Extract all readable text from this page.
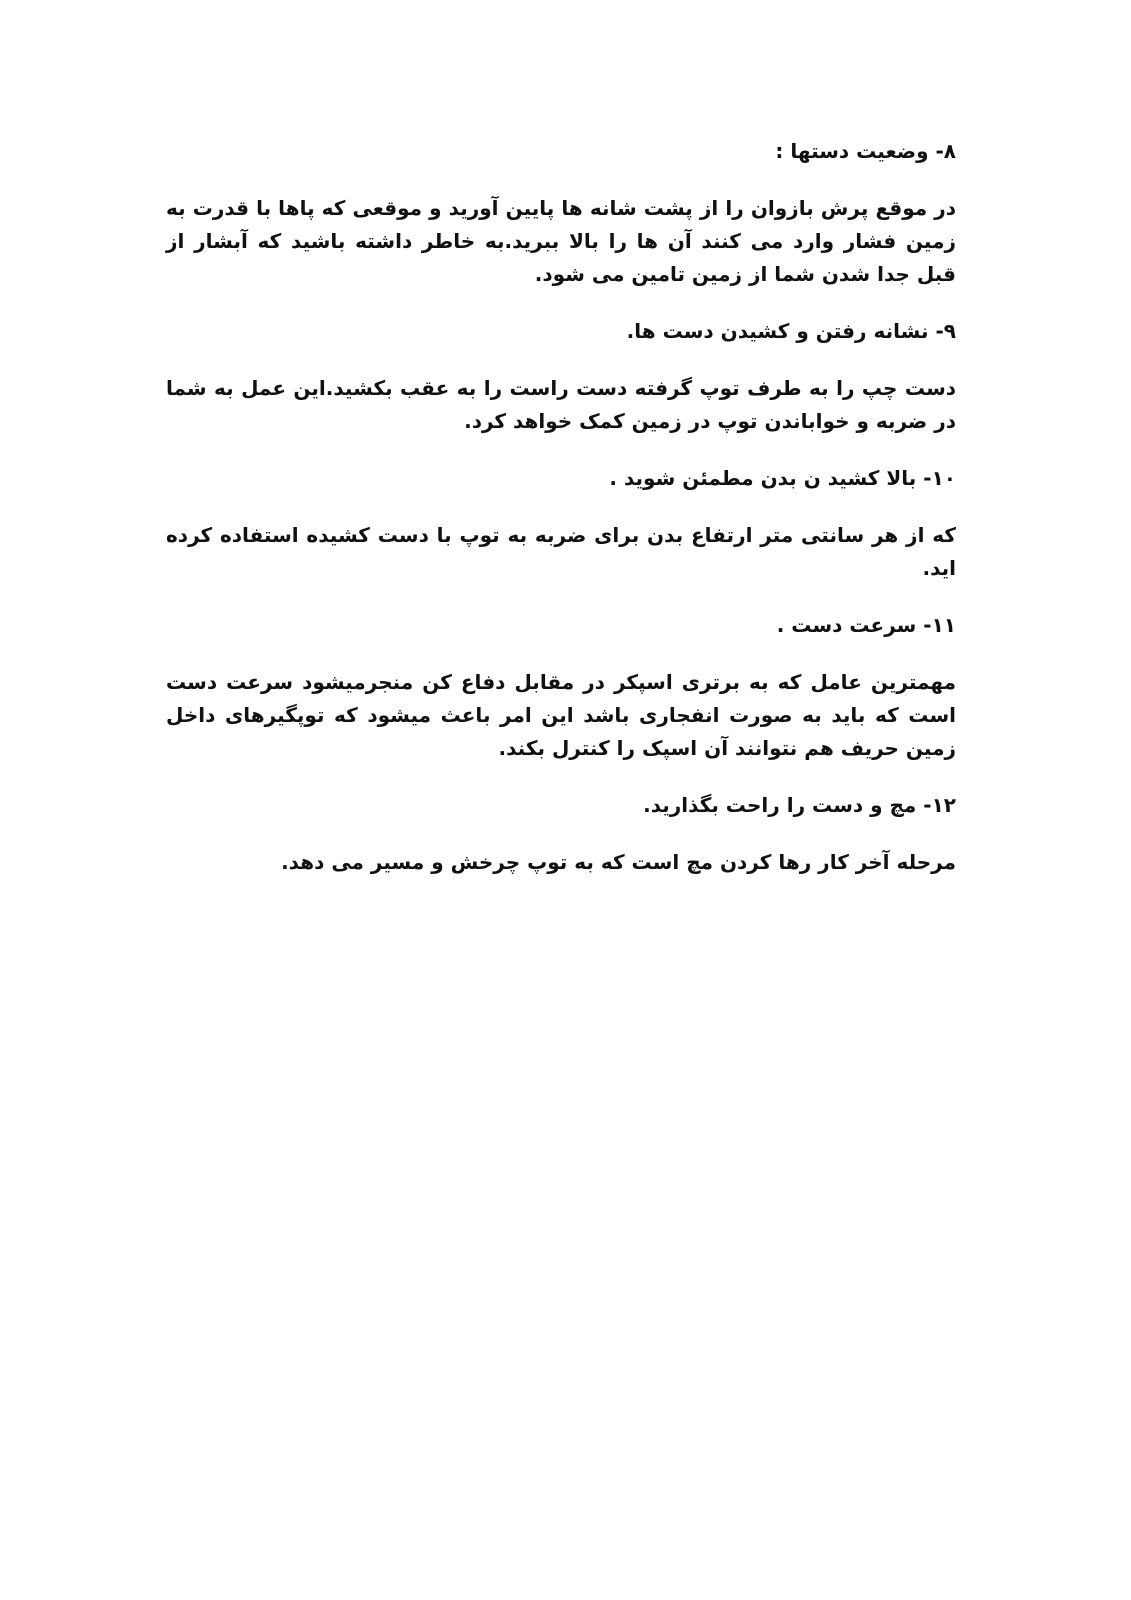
۸- وضعیت دستها :
در موقع پرش بازوان را از پشت شانه ها پایین آورید و موقعی که پاها با قدرت به زمین فشار وارد می کنند آن ها را بالا ببرید.به خاطر داشته باشید که آبشار از قبل جدا شدن شما از زمین تامین می شود.
۹- نشانه رفتن و کشیدن دست ها.
دست چپ را به طرف توپ گرفته دست راست را به عقب بکشید.این عمل به شما در ضربه و خواباندن توپ در زمین کمک خواهد کرد.
۱۰- بالا کشید ن بدن مطمئن شوید .
که از هر سانتی متر ارتفاع بدن برای ضربه به توپ با دست کشیده استفاده کرده اید.
۱۱- سرعت دست .
مهمترین عامل که به برتری اسپکر در مقابل دفاع کن منجرمیشود سرعت دست است که باید به صورت انفجاری باشد این امر باعث میشود که توپگیرهای داخل زمین حریف هم نتوانند آن اسپک را کنترل بکند.
۱۲- مچ و دست را راحت بگذارید.
مرحله آخر کار رها کردن مچ است که به توپ چرخش و مسیر می دهد.
